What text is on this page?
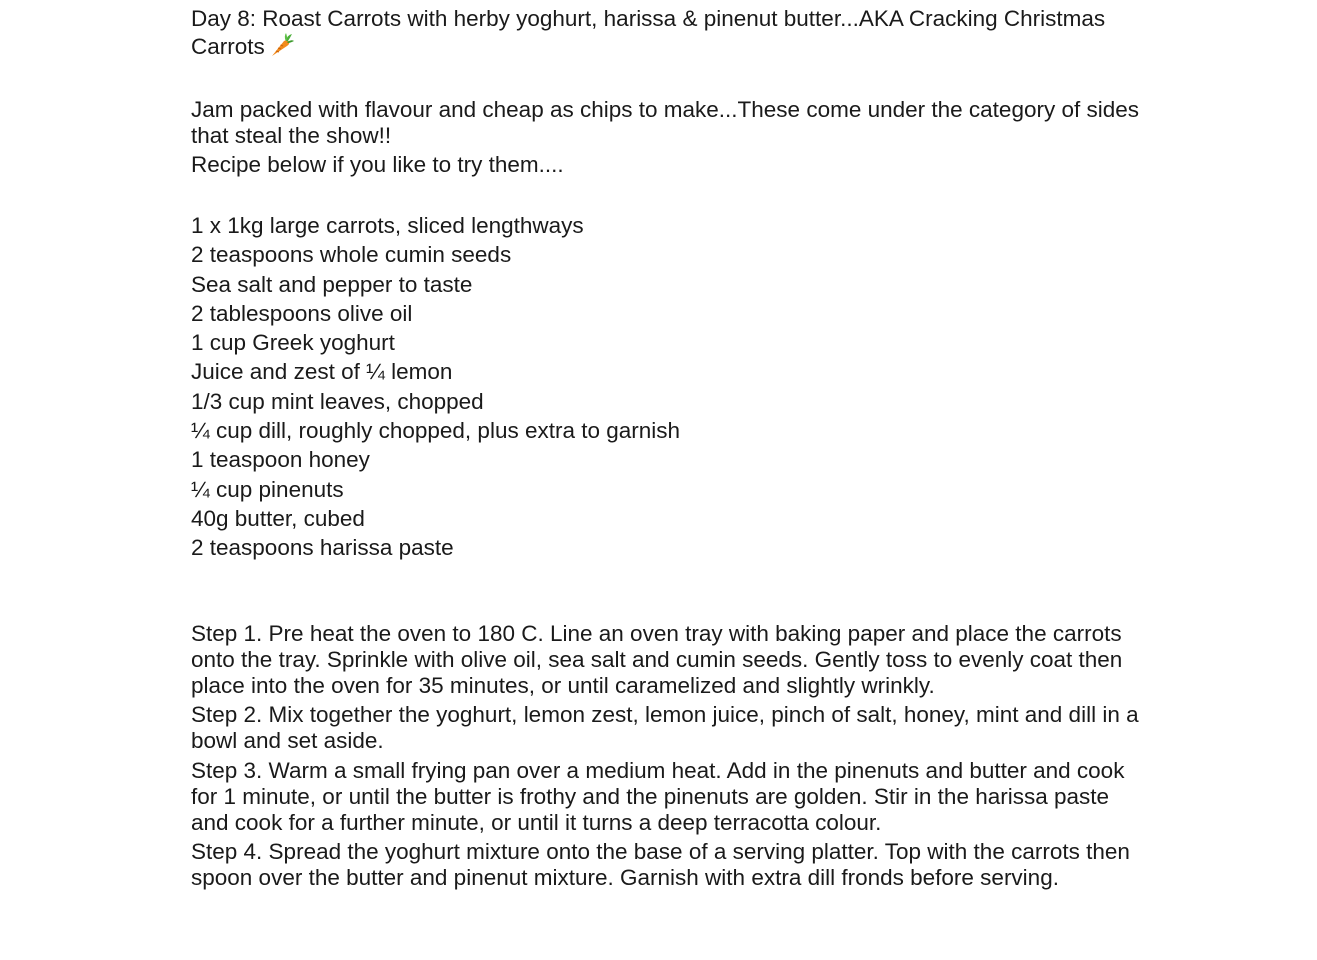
Day 8: Roast Carrots with herby yoghurt, harissa & pinenut butter...AKA Cracking Christmas Carrots

Jam packed with flavour and cheap as chips to make...These come under the category of sides that steal the show!!

Recipe below if you like to try them....

1 x 1kg large carrots, sliced lengthways

2 teaspoons whole cumin seeds

Sea salt and pepper to taste

2 tablespoons olive oil

1 cup Greek yoghurt

Juice and zest of ¼ lemon

1/3 cup mint leaves, chopped

¼ cup dill, roughly chopped, plus extra to garnish

1 teaspoon honey

¼ cup pinenuts

40g butter, cubed

2 teaspoons harissa paste

Step 1. Pre heat the oven to 180 C. Line an oven tray with baking paper and place the carrots onto the tray. Sprinkle with olive oil, sea salt and cumin seeds. Gently toss to evenly coat then place into the oven for 35 minutes, or until caramelized and slightly wrinkly.

Step 2. Mix together the yoghurt, lemon zest, lemon juice, pinch of salt, honey, mint and dill in a bowl and set aside.

Step 3. Warm a small frying pan over a medium heat. Add in the pinenuts and butter and cook for 1 minute, or until the butter is frothy and the pinenuts are golden. Stir in the harissa paste and cook for a further minute, or until it turns a deep terracotta colour.

Step 4. Spread the yoghurt mixture onto the base of a serving platter. Top with the carrots then spoon over the butter and pinenut mixture. Garnish with extra dill fronds before serving.
